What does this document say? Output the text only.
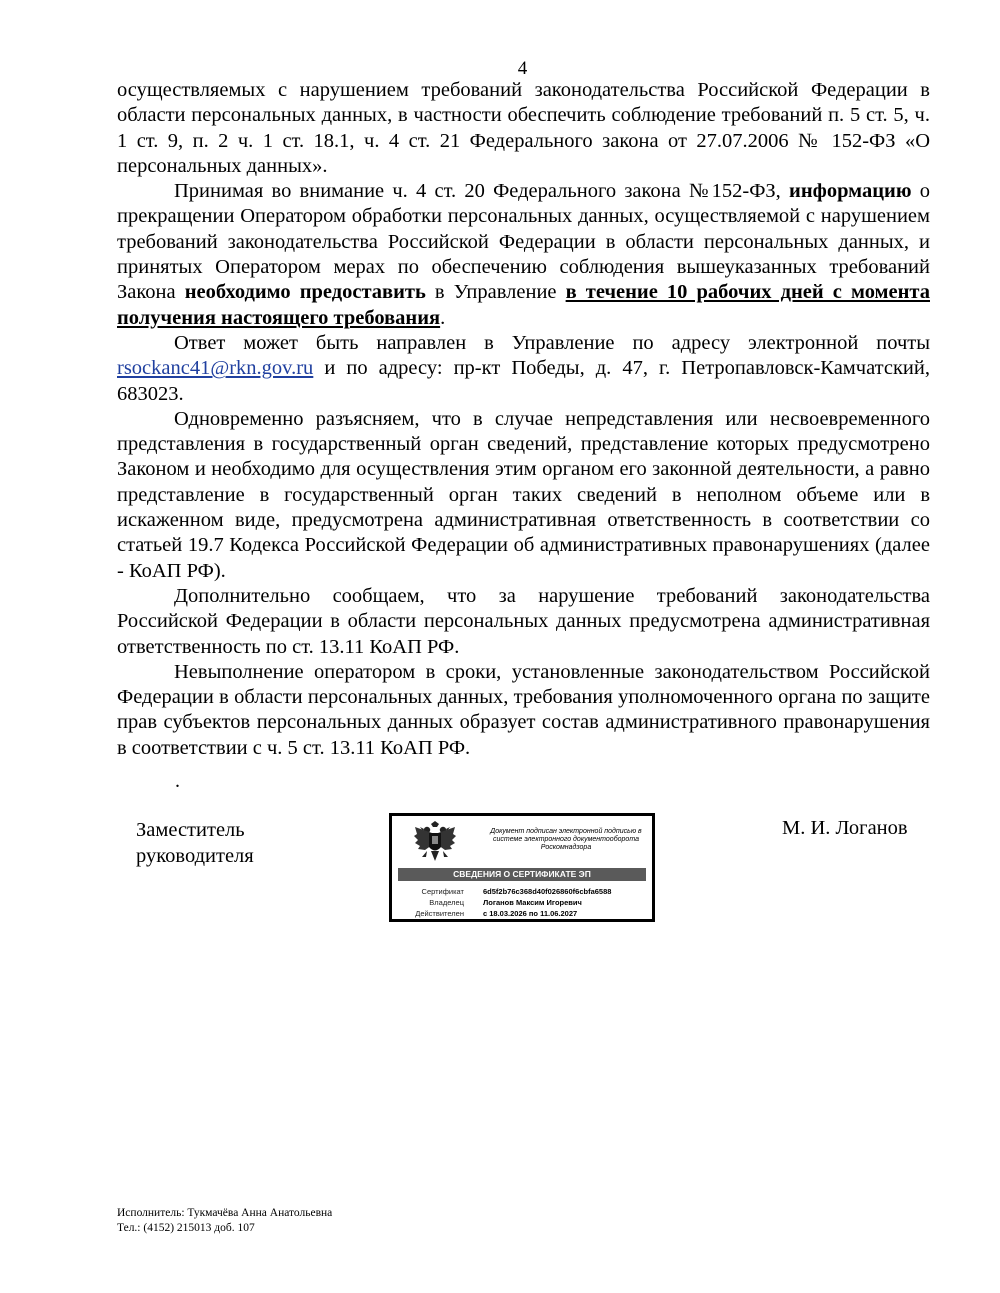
4

осуществляемых с нарушением требований законодательства Российской Федерации в области персональных данных, в частности обеспечить соблюдение требований п. 5 ст. 5, ч. 1 ст. 9, п. 2 ч. 1 ст. 18.1, ч. 4 ст. 21 Федерального закона от 27.07.2006 № 152-ФЗ «О персональных данных».

Принимая во внимание ч. 4 ст. 20 Федерального закона №152-ФЗ, информацию о прекращении Оператором обработки персональных данных, осуществляемой с нарушением требований законодательства Российской Федерации в области персональных данных, и принятых Оператором мерах по обеспечению соблюдения вышеуказанных требований Закона необходимо предоставить в Управление в течение 10 рабочих дней с момента получения настоящего требования.

Ответ может быть направлен в Управление по адресу электронной почты rsockanc41@rkn.gov.ru и по адресу: пр-кт Победы, д. 47, г. Петропавловск-Камчатский, 683023.

Одновременно разъясняем, что в случае непредставления или несвоевременного представления в государственный орган сведений, представление которых предусмотрено Законом и необходимо для осуществления этим органом его законной деятельности, а равно представление в государственный орган таких сведений в неполном объеме или в искаженном виде, предусмотрена административная ответственность в соответствии со статьей 19.7 Кодекса Российской Федерации об административных правонарушениях (далее - КоАП РФ).

Дополнительно сообщаем, что за нарушение требований законодательства Российской Федерации в области персональных данных предусмотрена административная ответственность по ст. 13.11 КоАП РФ.

Невыполнение оператором в сроки, установленные законодательством Российской Федерации в области персональных данных, требования уполномоченного органа по защите прав субъектов персональных данных образует состав административного правонарушения в соответствии с ч. 5 ст. 13.11 КоАП РФ.

.
Заместитель
руководителя
Документ подписан электронной подписью в системе электронного документооборота Роскомнадзора
СВЕДЕНИЯ О СЕРТИФИКАТЕ ЭП
Сертификат	6d5f2b76c368d40f026860f6cbfa6588
Владелец	Логанов Максим Игоревич
Действителен	с 18.03.2026 по 11.06.2027
М. И. Логанов
Исполнитель: Тукмачёва Анна Анатольевна
Тел.: (4152) 215013 доб. 107
